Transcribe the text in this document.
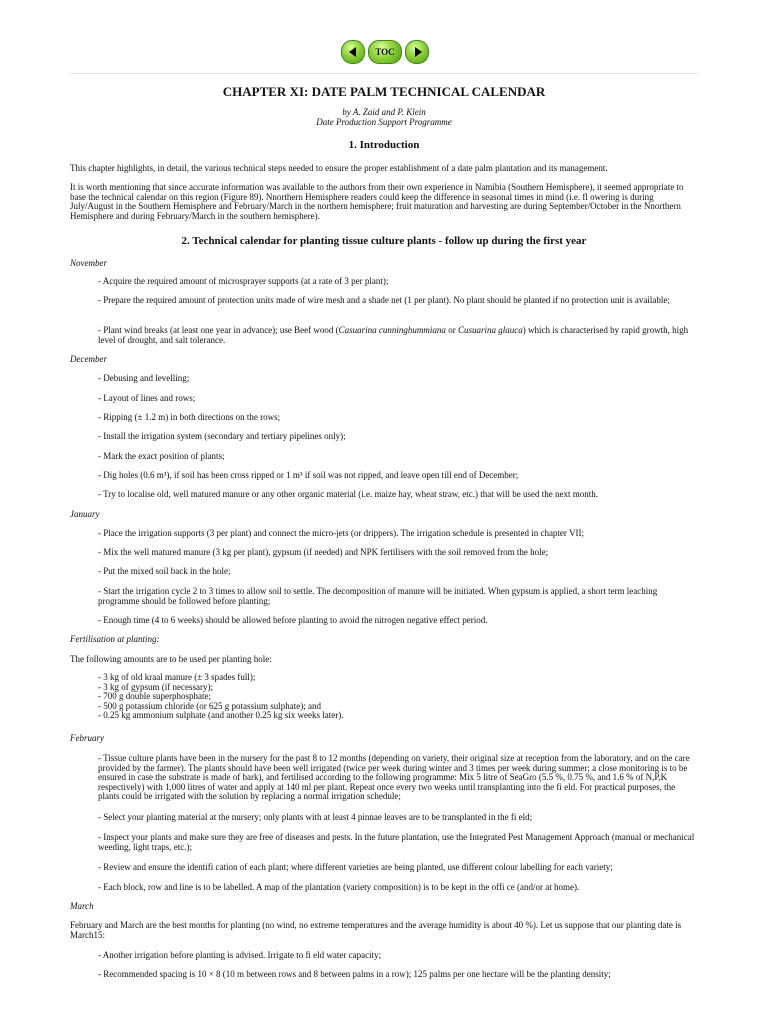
TOC
CHAPTER XI: DATE PALM TECHNICAL CALENDAR
by A. Zaid and P. Klein
Date Production Support Programme
1. Introduction
This chapter highlights, in detail, the various technical steps needed to ensure the proper establishment of a date palm plantation and its management.
It is worth mentioning that since accurate information was available to the authors from their own experience in Namibia (Southern Hemisphere), it seemed appropriate to base the technical calendar on this region (Figure 89). Nnorthern Hemisphere readers could keep the difference in seasonal times in mind (i.e. fl owering is during July/August in the Southern Hemisphere and February/March in the northern hemisphere; fruit maturation and harvesting are during September/October in the Nnorthern Hemisphere and during February/March in the southern hemisphere).
2. Technical calendar for planting tissue culture plants - follow up during the first year
November
- Acquire the required amount of microsprayer supports (at a rate of 3 per plant);
- Prepare the required amount of protection units made of wire mesh and a shade net (1 per plant). No plant should be planted if no protection unit is available;
- Plant wind breaks (at least one year in advance); use Beef wood (Casuarina cunninghummiana or Cusuarina glauca) which is characterised by rapid growth, high level of drought, and salt tolerance.
December
- Debusing and levelling;
- Layout of lines and rows;
- Ripping (± 1.2 m) in both directions on the rows;
- Install the irrigation system (secondary and tertiary pipelines only);
- Mark the exact position of plants;
- Dig holes (0.6 m³), if soil has been cross ripped or 1 m³ if soil was not ripped, and leave open till end of December;
- Try to localise old, well matured manure or any other organic material (i.e. maize hay, wheat straw, etc.) that will be used the next month.
January
- Place the irrigation supports (3 per plant) and connect the micro-jets (or drippers). The irrigation schedule is presented in chapter VII;
- Mix the well matured manure (3 kg per plant), gypsum (if needed) and NPK fertilisers with the soil removed from the hole;
- Put the mixed soil back in the hole;
- Start the irrigation cycle 2 to 3 times to allow soil to settle. The decomposition of manure will be initiated. When gypsum is applied, a short term leaching programme should be followed before planting;
- Enough time (4 to 6 weeks) should be allowed before planting to avoid the nitrogen negative effect period.
Fertilisation at planting:
The following amounts are to be used per planting hole:
- 3 kg of old kraal manure (± 3 spades full);
- 3 kg of gypsum (if necessary);
- 700 g double superphosphate;
- 500 g potassium chloride (or 625 g potassium sulphate); and
- 0.25 kg ammonium sulphate (and another 0.25 kg six weeks later).
February
- Tissue culture plants have been in the nursery for the past 8 to 12 months (depending on variety, their original size at reception from the laboratory, and on the care provided by the farmer). The plants should have been well irrigated (twice per week during winter and 3 times per week during summer; a close monitoring is to be ensured in case the substrate is made of bark), and fertilised according to the following programme: Mix 5 litre of SeaGro (5.5 %, 0.75 %, and 1.6 % of N,P,K respectively) with 1,000 litres of water and apply at 140 ml per plant. Repeat once every two weeks until transplanting into the fi eld. For practical purposes, the plants could be irrigated with the solution by replacing a normal irrigation schedule;
- Select your planting material at the nursery; only plants with at least 4 pinnae leaves are to be transplanted in the fi eld;
- Inspect your plants and make sure they are free of diseases and pests. In the future plantation, use the Integrated Pest Management Approach (manual or mechanical weeding, light traps, etc.);
- Review and ensure the identifi cation of each plant; where different varieties are being planted, use different colour labelling for each variety;
- Each block, row and line is to be labelled. A map of the plantation (variety composition) is to be kept in the offi ce (and/or at home).
March
February and March are the best months for planting (no wind, no extreme temperatures and the average humidity is about 40 %). Let us suppose that our planting date is March15:
- Another irrigation before planting is advised. Irrigate to fi eld water capacity;
- Recommended spacing is 10 × 8 (10 m between rows and 8 between palms in a row); 125 palms per one hectare will be the planting density;
